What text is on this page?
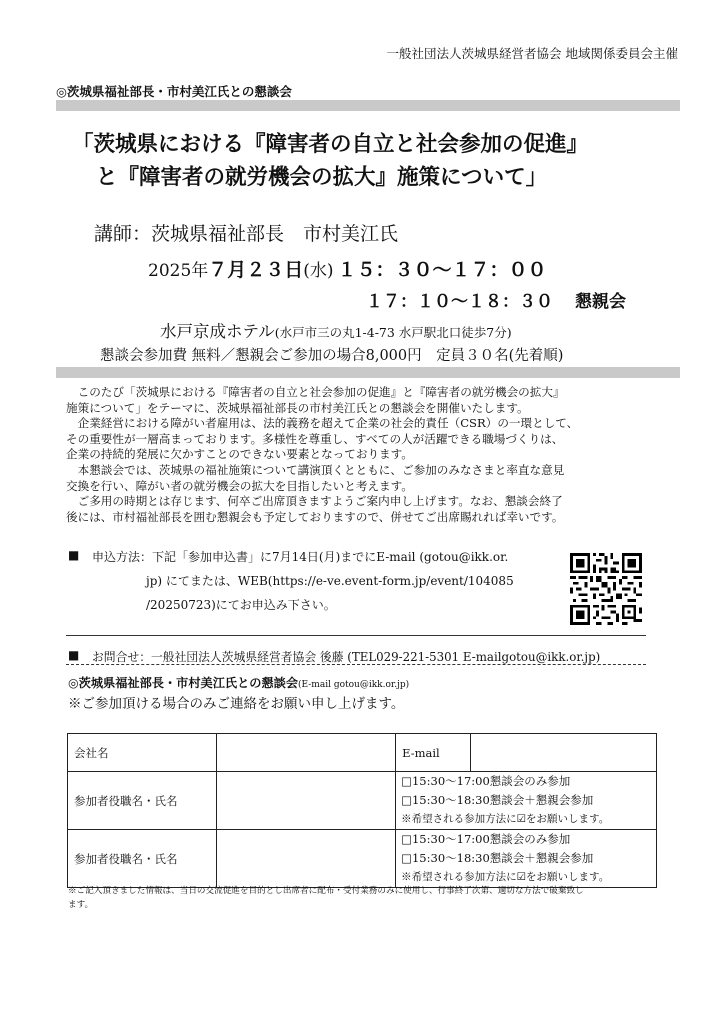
一般社団法人茨城県経営者協会 地域関係委員会主催
◎茨城県福祉部長・市村美江氏との懇談会
「茨城県における『障害者の自立と社会参加の促進』
と『障害者の就労機会の拡大』施策について」
講師：茨城県福祉部長　市村美江氏
2025年７月２３日(水) １５：３０～１７：００
１７：１０～１８：３０ 懇親会
水戸京成ホテル(水戸市三の丸1-4-73 水戸駅北口徒歩7分)
懇談会参加費 無料／懇親会ご参加の場合8,000円　定員３０名(先着順)

　このたび「茨城県における『障害者の自立と社会参加の促進』と『障害者の就労機会の拡大』

施策について」をテーマに、茨城県福祉部長の市村美江氏との懇談会を開催いたします。

　企業経営における障がい者雇用は、法的義務を超えて企業の社会的責任（CSR）の一環として、

その重要性が一層高まっております。多様性を尊重し、すべての人が活躍できる職場づくりは、

企業の持続的発展に欠かすことのできない要素となっております。

　本懇談会では、茨城県の福祉施策について講演頂くとともに、ご参加のみなさまと率直な意見

交換を行い、障がい者の就労機会の拡大を目指したいと考えます。

　ご多用の時期とは存じます、何卒ご出席頂きますようご案内申し上げます。なお、懇談会終了

後には、市村福祉部長を囲む懇親会も予定しておりますので、併せてご出席賜れれば幸いです。

■ 申込方法：下記「参加申込書」に7月14日(月)までにE-mail (gotou@ikk.or.
jp) にてまたは、WEB(https://e-ve.event-form.jp/event/104085
/20250723)にてお申込み下さい。
■ お問合せ：一般社団法人茨城県経営者協会 後藤 (TEL029-221-5301 E-mailgotou@ikk.or.jp)
◎茨城県福祉部長・市村美江氏との懇談会(E-mail gotou@ikk.or.jp)
※ご参加頂ける場合のみご連絡をお願い申し上げます。
会社名		E-mail	
参加者役職名・氏名		□15:30～17:00懇談会のみ参加
□15:30～18:30懇談会＋懇親会参加
※希望される参加方法に☑をお願いします。	

参加者役職名・氏名		□15:30～17:00懇談会のみ参加
□15:30～18:30懇談会＋懇親会参加
※希望される参加方法に☑をお願いします。	
※ご記入頂きました情報は、当日の交流促進を目的とし出席者に配布・受付業務のみに使用し、行事終了次第、適切な方法で破棄致し
ます。
